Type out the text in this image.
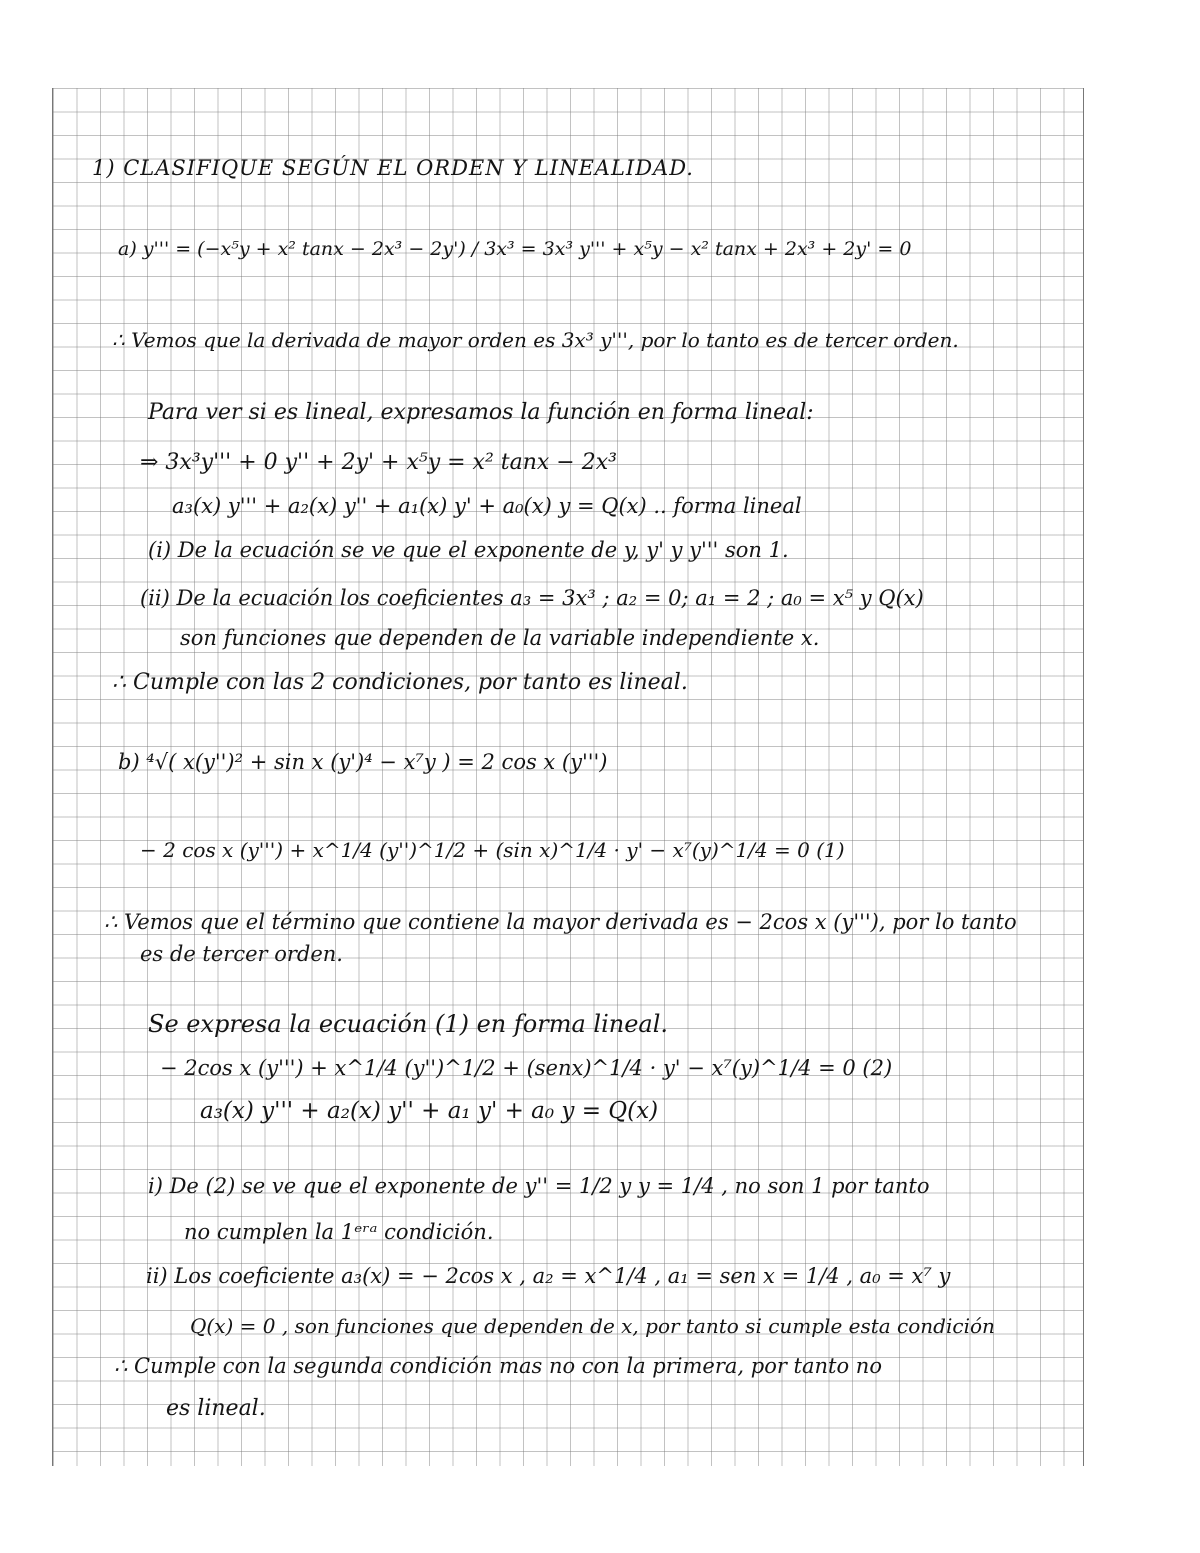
1) CLASIFIQUE SEGÚN EL ORDEN Y LINEALIDAD.
a) y''' = (−x⁵y + x² tanx − 2x³ − 2y') / 3x³ = 3x³ y''' + x⁵y − x² tanx + 2x³ + 2y' = 0
∴ Vemos que la derivada de mayor orden es 3x³ y''', por lo tanto es de tercer orden.
Para ver si es lineal, expresamos la función en forma lineal:
⇒ 3x³y''' + 0 y'' + 2y' + x⁵y = x² tanx − 2x³
a₃(x) y''' + a₂(x) y'' + a₁(x) y' + a₀(x) y = Q(x) .. forma lineal
(i) De la ecuación se ve que el exponente de y, y' y y''' son 1.
(ii) De la ecuación los coeficientes a₃ = 3x³ ; a₂ = 0; a₁ = 2 ; a₀ = x⁵ y Q(x)
son funciones que dependen de la variable independiente x.
∴ Cumple con las 2 condiciones, por tanto es lineal.
b) ⁴√( x(y'')² + sin x (y')⁴ − x⁷y ) = 2 cos x (y''')
− 2 cos x (y''') + x^1/4 (y'')^1/2 + (sin x)^1/4 · y' − x⁷(y)^1/4 = 0 (1)
∴ Vemos que el término que contiene la mayor derivada es − 2cos x (y'''), por lo tanto
es de tercer orden.
Se expresa la ecuación (1) en forma lineal.
− 2cos x (y''') + x^1/4 (y'')^1/2 + (senx)^1/4 · y' − x⁷(y)^1/4 = 0 (2)
a₃(x) y''' + a₂(x) y'' + a₁ y' + a₀ y = Q(x)
i) De (2) se ve que el exponente de y'' = 1/2 y y = 1/4 , no son 1 por tanto
no cumplen la 1ᵉʳᵃ condición.
ii) Los coeficiente a₃(x) = − 2cos x , a₂ = x^1/4 , a₁ = sen x = 1/4 , a₀ = x⁷ y
Q(x) = 0 , son funciones que dependen de x, por tanto si cumple esta condición
∴ Cumple con la segunda condición mas no con la primera, por tanto no
es lineal.
